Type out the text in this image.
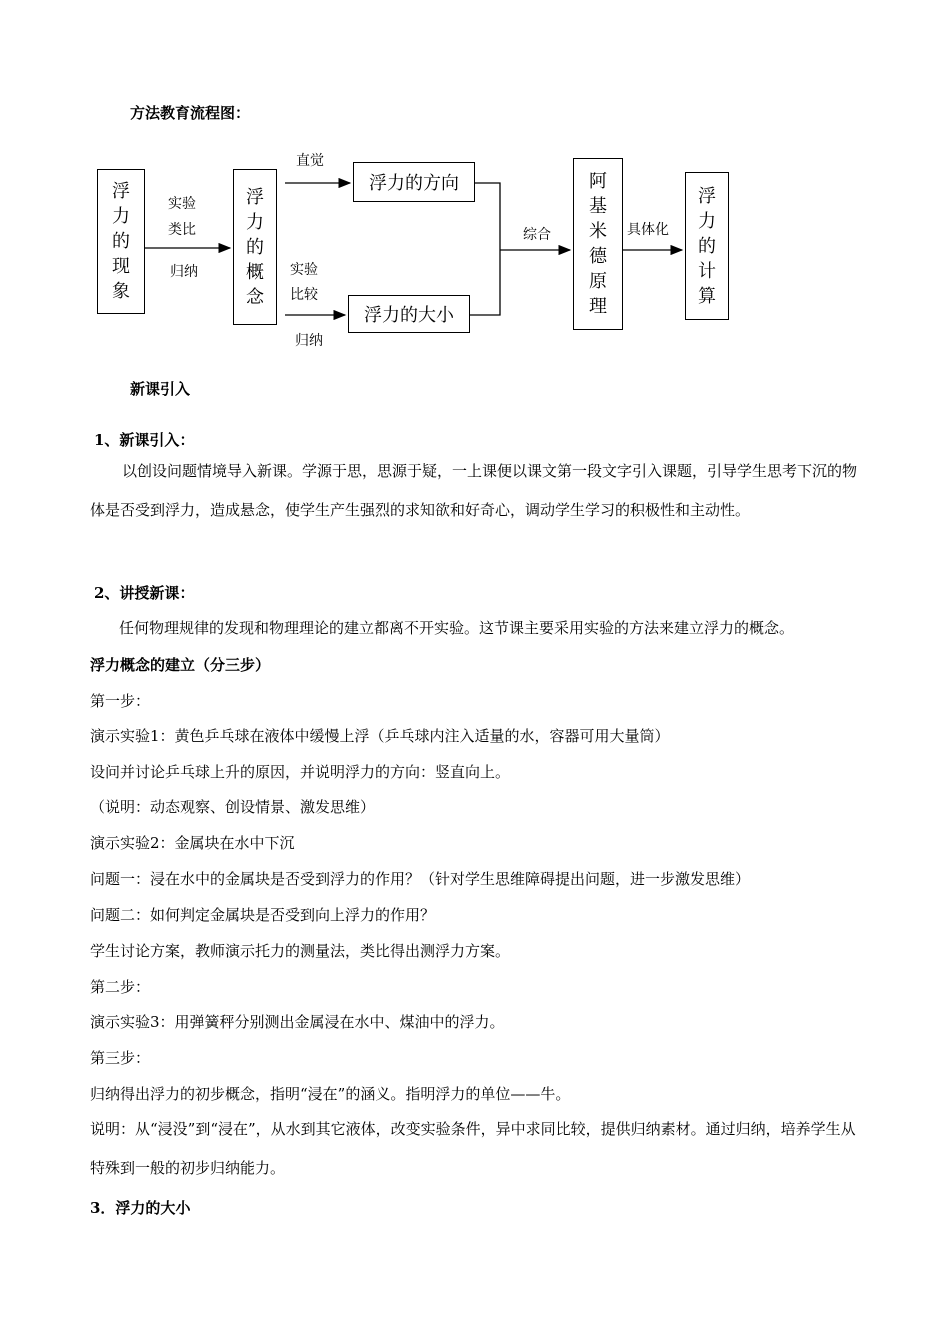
方法教育流程图：
浮
力
的
现
象
浮
力
的
概
念
浮力的方向
浮力的大小
阿
基
米
德
原
理
浮
力
的
计
算
实验
类比
归纳
直觉
实验
比较
归纳
综合	具体化
新课引入
1、新课引入：
以创设问题情境导入新课。学源于思，思源于疑，一上课便以课文第一段文字引入课题，引导学生思考下沉的物体是否受到浮力，造成悬念，使学生产生强烈的求知欲和好奇心，调动学生学习的积极性和主动性。
2、讲授新课：
任何物理规律的发现和物理理论的建立都离不开实验。这节课主要采用实验的方法来建立浮力的概念。
浮力概念的建立（分三步）
第一步：
演示实验1：黄色乒乓球在液体中缓慢上浮（乒乓球内注入适量的水，容器可用大量筒）
设问并讨论乒乓球上升的原因，并说明浮力的方向：竖直向上。
（说明：动态观察、创设情景、激发思维）
演示实验2：金属块在水中下沉
问题一：浸在水中的金属块是否受到浮力的作用？（针对学生思维障碍提出问题，进一步激发思维）
问题二：如何判定金属块是否受到向上浮力的作用？
学生讨论方案，教师演示托力的测量法，类比得出测浮力方案。
第二步：
演示实验3：用弹簧秤分别测出金属浸在水中、煤油中的浮力。
第三步：
归纳得出浮力的初步概念，指明“浸在”的涵义。指明浮力的单位——牛。
说明：从“浸没”到“浸在”，从水到其它液体，改变实验条件，异中求同比较，提供归纳素材。通过归纳，培养学生从特殊到一般的初步归纳能力。
3．浮力的大小
